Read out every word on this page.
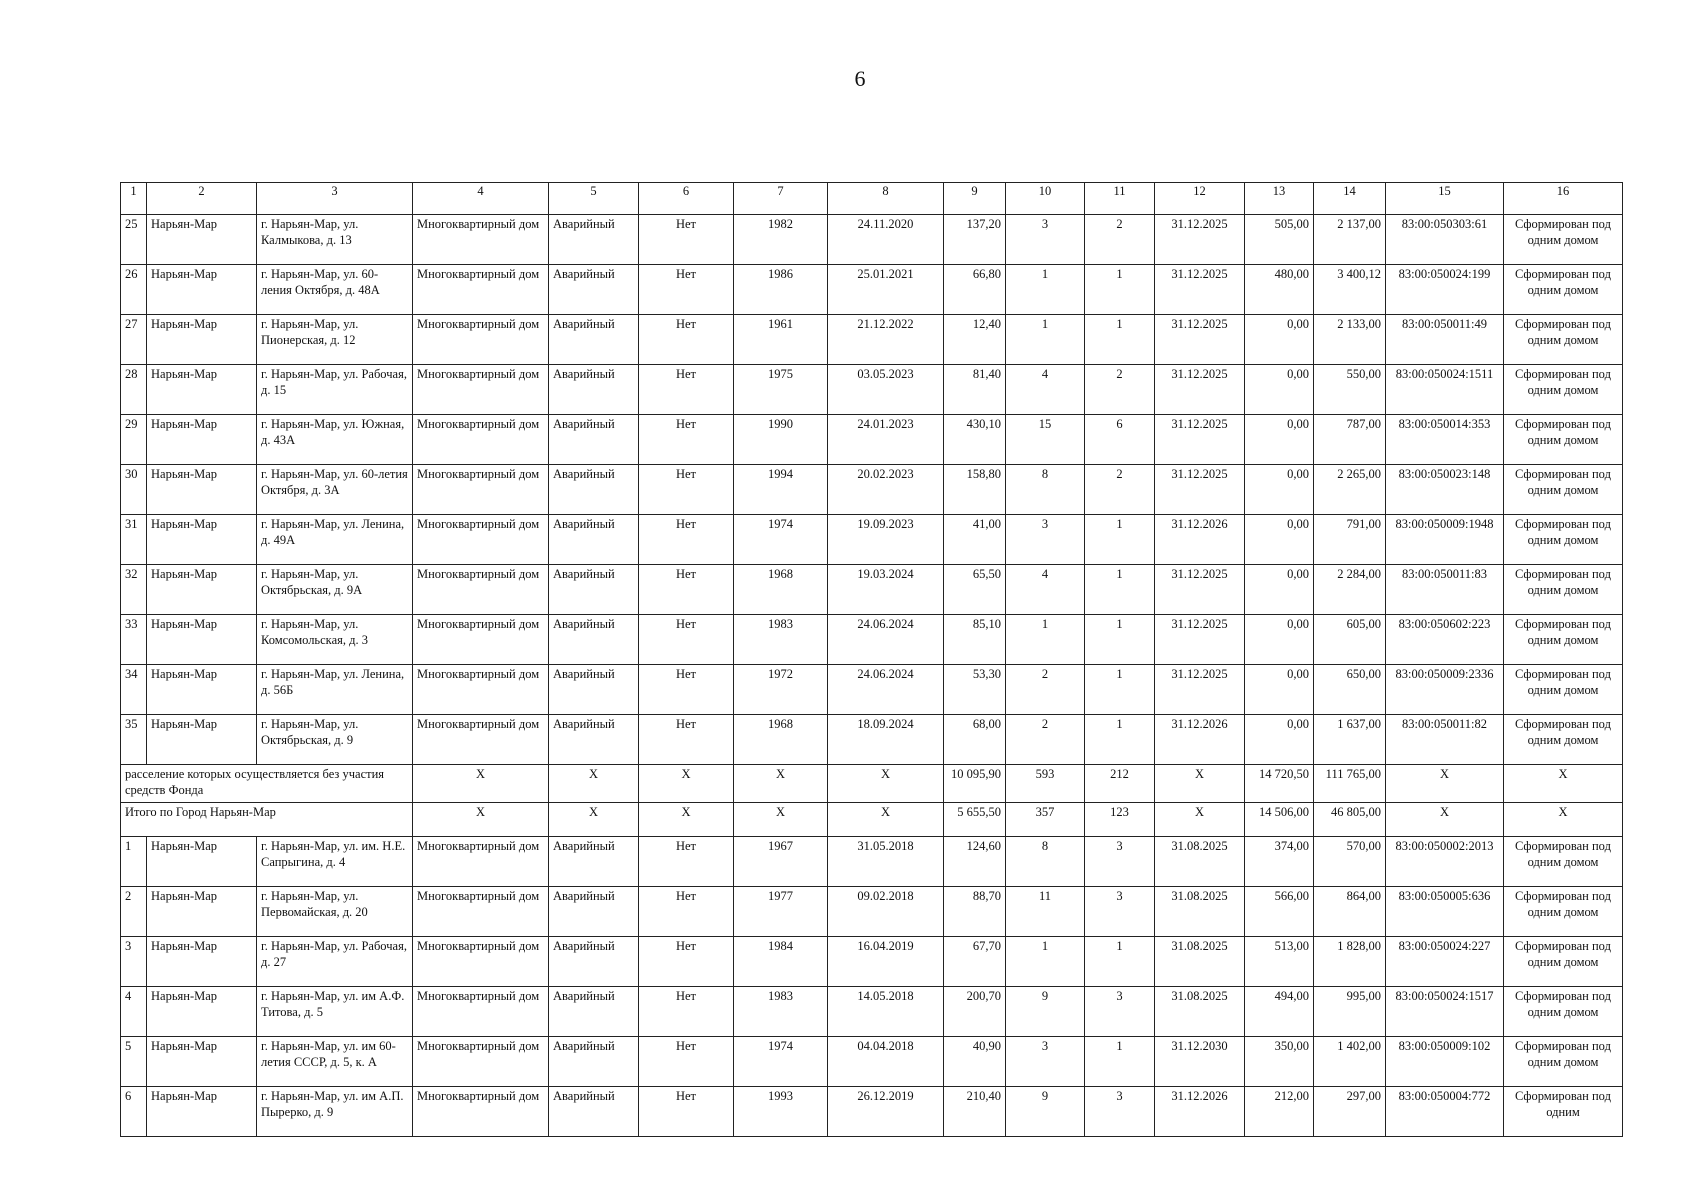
6
1	2	3	4	5	6	7	8	9	10	11	12	13	14	15	16
25	Нарьян-Мар	г. Нарьян-Мар, ул. Калмыкова, д. 13	Многоквартирный дом	Аварийный	Нет	1982	24.11.2020	137,20	3	2	31.12.2025	505,00	2 137,00	83:00:050303:61	Сформирован под одним домом
26	Нарьян-Мар	г. Нарьян-Мар, ул. 60-ления Октября, д. 48А	Многоквартирный дом	Аварийный	Нет	1986	25.01.2021	66,80	1	1	31.12.2025	480,00	3 400,12	83:00:050024:199	Сформирован под одним домом
27	Нарьян-Мар	г. Нарьян-Мар, ул. Пионерская, д. 12	Многоквартирный дом	Аварийный	Нет	1961	21.12.2022	12,40	1	1	31.12.2025	0,00	2 133,00	83:00:050011:49	Сформирован под одним домом
28	Нарьян-Мар	г. Нарьян-Мар, ул. Рабочая, д. 15	Многоквартирный дом	Аварийный	Нет	1975	03.05.2023	81,40	4	2	31.12.2025	0,00	550,00	83:00:050024:1511	Сформирован под одним домом
29	Нарьян-Мар	г. Нарьян-Мар, ул. Южная, д. 43А	Многоквартирный дом	Аварийный	Нет	1990	24.01.2023	430,10	15	6	31.12.2025	0,00	787,00	83:00:050014:353	Сформирован под одним домом
30	Нарьян-Мар	г. Нарьян-Мар, ул. 60-летия Октября, д. 3А	Многоквартирный дом	Аварийный	Нет	1994	20.02.2023	158,80	8	2	31.12.2025	0,00	2 265,00	83:00:050023:148	Сформирован под одним домом
31	Нарьян-Мар	г. Нарьян-Мар, ул. Ленина, д. 49А	Многоквартирный дом	Аварийный	Нет	1974	19.09.2023	41,00	3	1	31.12.2026	0,00	791,00	83:00:050009:1948	Сформирован под одним домом
32	Нарьян-Мар	г. Нарьян-Мар, ул. Октябрьская, д. 9А	Многоквартирный дом	Аварийный	Нет	1968	19.03.2024	65,50	4	1	31.12.2025	0,00	2 284,00	83:00:050011:83	Сформирован под одним домом
33	Нарьян-Мар	г. Нарьян-Мар, ул. Комсомольская, д. 3	Многоквартирный дом	Аварийный	Нет	1983	24.06.2024	85,10	1	1	31.12.2025	0,00	605,00	83:00:050602:223	Сформирован под одним домом
34	Нарьян-Мар	г. Нарьян-Мар, ул. Ленина, д. 56Б	Многоквартирный дом	Аварийный	Нет	1972	24.06.2024	53,30	2	1	31.12.2025	0,00	650,00	83:00:050009:2336	Сформирован под одним домом
35	Нарьян-Мар	г. Нарьян-Мар, ул. Октябрьская, д. 9	Многоквартирный дом	Аварийный	Нет	1968	18.09.2024	68,00	2	1	31.12.2026	0,00	1 637,00	83:00:050011:82	Сформирован под одним домом
расселение которых осуществляется без участия средств Фонда			X	X	X	X	X	10 095,90	593	212	X	14 720,50	111 765,00	X	X
Итого по Город Нарьян-Мар			X	X	X	X	X	5 655,50	357	123	X	14 506,00	46 805,00	X	X
1	Нарьян-Мар	г. Нарьян-Мар, ул. им. Н.Е. Сапрыгина, д. 4	Многоквартирный дом	Аварийный	Нет	1967	31.05.2018	124,60	8	3	31.08.2025	374,00	570,00	83:00:050002:2013	Сформирован под одним домом
2	Нарьян-Мар	г. Нарьян-Мар, ул. Первомайская, д. 20	Многоквартирный дом	Аварийный	Нет	1977	09.02.2018	88,70	11	3	31.08.2025	566,00	864,00	83:00:050005:636	Сформирован под одним домом
3	Нарьян-Мар	г. Нарьян-Мар, ул. Рабочая, д. 27	Многоквартирный дом	Аварийный	Нет	1984	16.04.2019	67,70	1	1	31.08.2025	513,00	1 828,00	83:00:050024:227	Сформирован под одним домом
4	Нарьян-Мар	г. Нарьян-Мар, ул. им А.Ф. Титова, д. 5	Многоквартирный дом	Аварийный	Нет	1983	14.05.2018	200,70	9	3	31.08.2025	494,00	995,00	83:00:050024:1517	Сформирован под одним домом
5	Нарьян-Мар	г. Нарьян-Мар, ул. им 60-летия СССР, д. 5, к. А	Многоквартирный дом	Аварийный	Нет	1974	04.04.2018	40,90	3	1	31.12.2030	350,00	1 402,00	83:00:050009:102	Сформирован под одним домом
6	Нарьян-Мар	г. Нарьян-Мар, ул. им А.П. Пырерко, д. 9	Многоквартирный дом	Аварийный	Нет	1993	26.12.2019	210,40	9	3	31.12.2026	212,00	297,00	83:00:050004:772	Сформирован под одним
